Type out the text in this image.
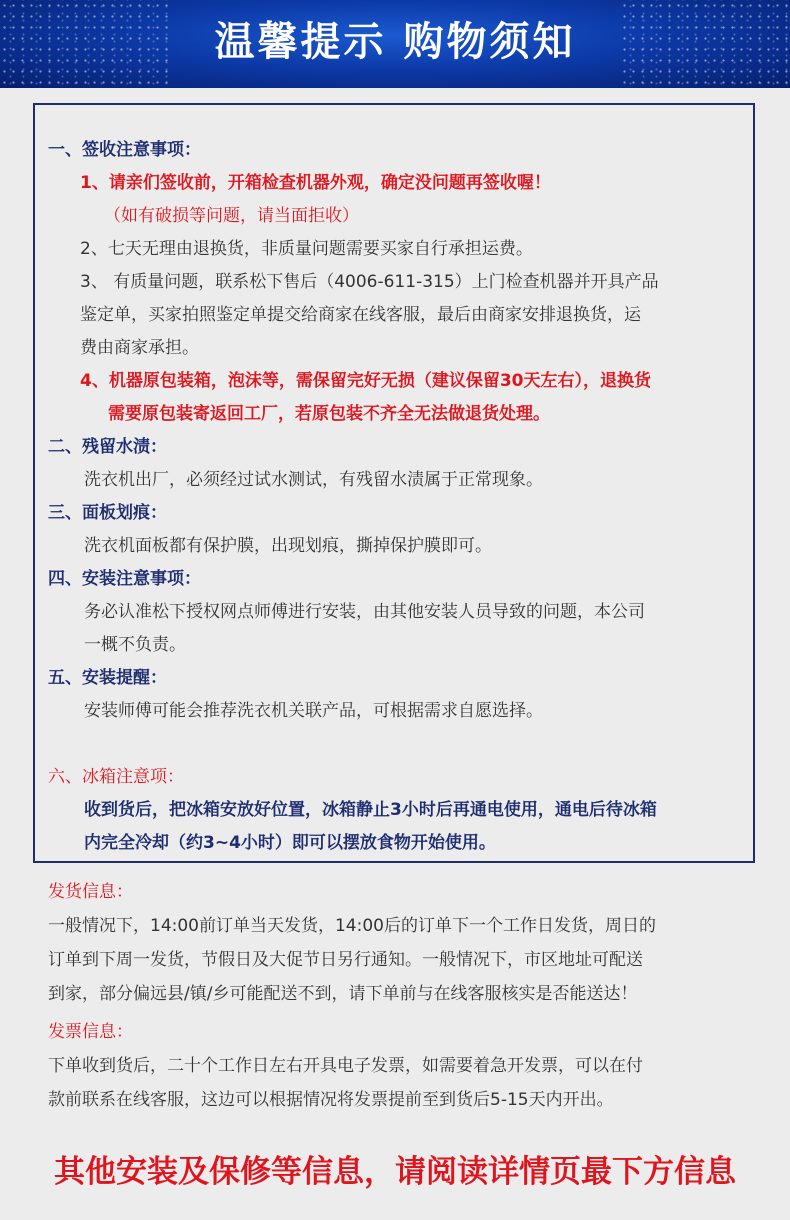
温馨提示 购物须知
一、签收注意事项：
1、请亲们签收前，开箱检查机器外观，确定没问题再签收喔！
（如有破损等问题，请当面拒收）
2、七天无理由退换货，非质量问题需要买家自行承担运费。
3、 有质量问题，联系松下售后（4006-611-315）上门检查机器并开具产品
鉴定单，买家拍照鉴定单提交给商家在线客服，最后由商家安排退换货，运
费由商家承担。
4、机器原包装箱，泡沫等，需保留完好无损（建议保留30天左右），退换货
需要原包装寄返回工厂，若原包装不齐全无法做退货处理。
二、残留水渍：
洗衣机出厂，必须经过试水测试，有残留水渍属于正常现象。
三、面板划痕：
洗衣机面板都有保护膜，出现划痕，撕掉保护膜即可。
四、安装注意事项：
务必认准松下授权网点师傅进行安装，由其他安装人员导致的问题，本公司
一概不负责。
五、安装提醒：
安装师傅可能会推荐洗衣机关联产品，可根据需求自愿选择。
六、冰箱注意项：
收到货后，把冰箱安放好位置，冰箱静止3小时后再通电使用，通电后待冰箱
内完全冷却（约3~4小时）即可以摆放食物开始使用。
发货信息：
一般情况下，14:00前订单当天发货，14:00后的订单下一个工作日发货，周日的
订单到下周一发货，节假日及大促节日另行通知。一般情况下，市区地址可配送
到家，部分偏远县/镇/乡可能配送不到，请下单前与在线客服核实是否能送达！
发票信息：
下单收到货后，二十个工作日左右开具电子发票，如需要着急开发票，可以在付
款前联系在线客服，这边可以根据情况将发票提前至到货后5-15天内开出。
其他安装及保修等信息，请阅读详情页最下方信息
